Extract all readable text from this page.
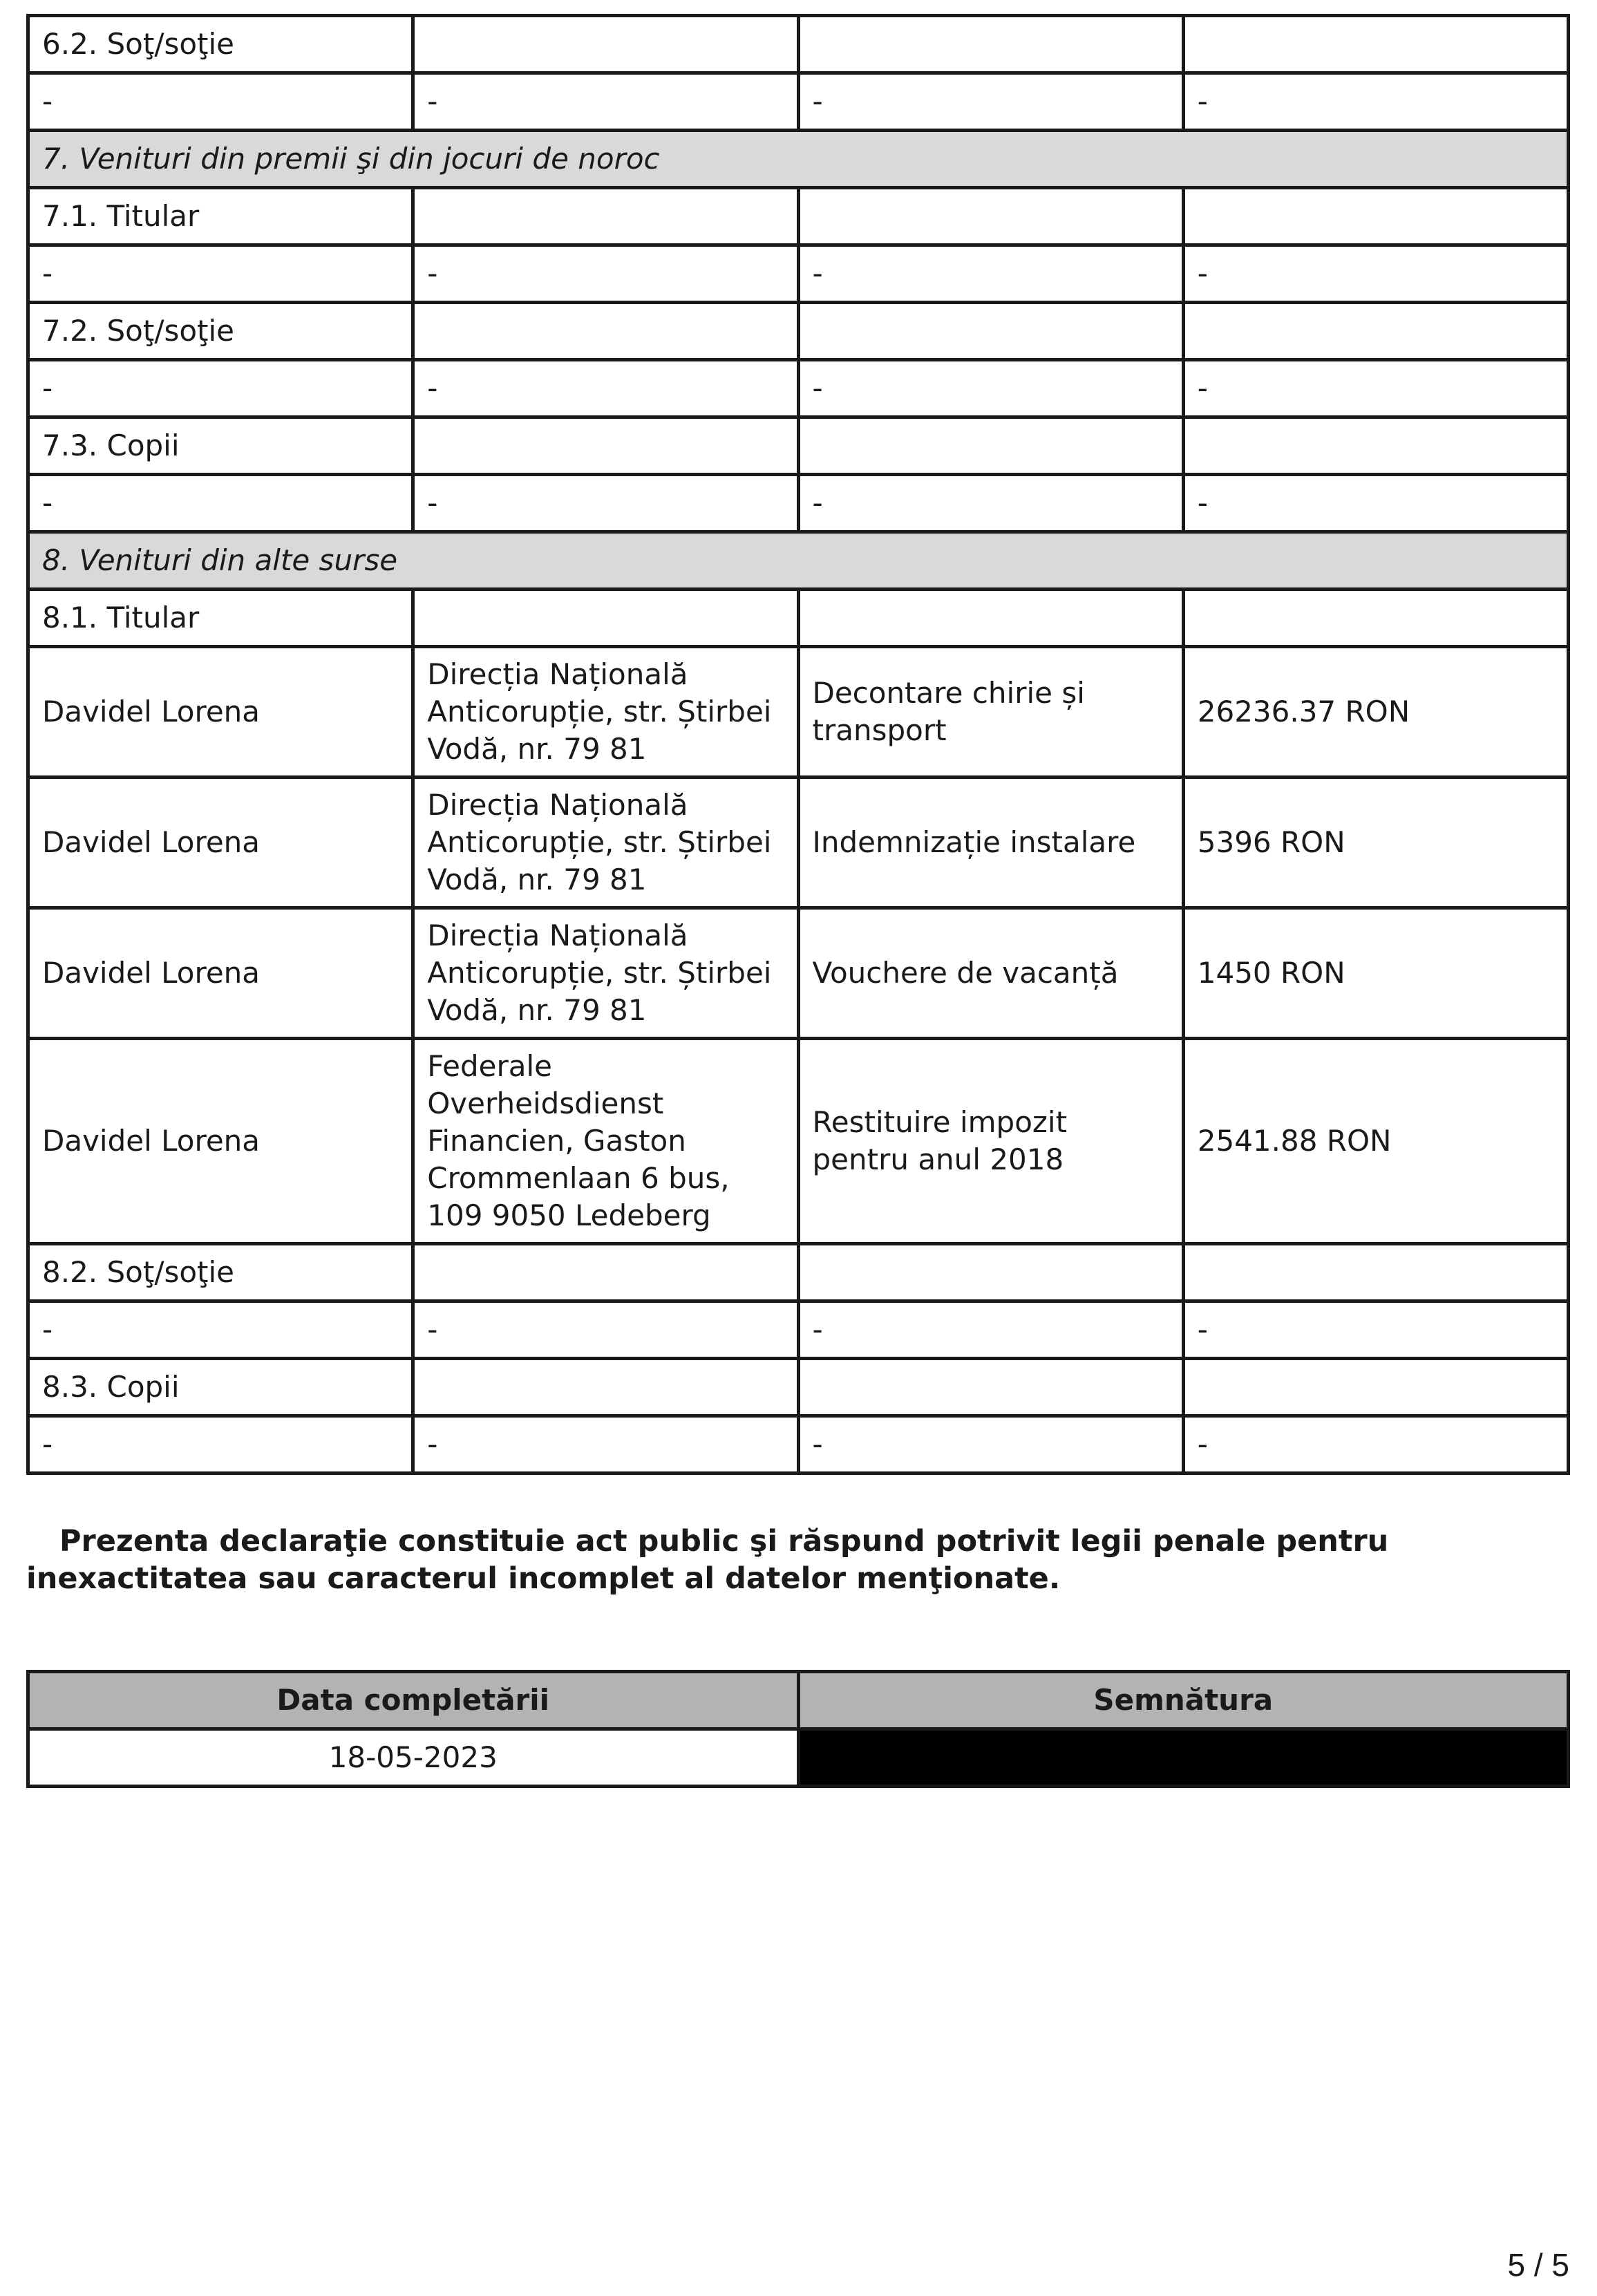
6.2. Soţ/soţie			
-	-	-	-
7. Venituri din premii şi din jocuri de noroc			
7.1. Titular			
-	-	-	-
7.2. Soţ/soţie			
-	-	-	-
7.3. Copii			
-	-	-	-
8. Venituri din alte surse			
8.1. Titular			
Davidel Lorena	Direcția Națională Anticorupție, str. Știrbei Vodă, nr. 79 81	Decontare chirie și transport	26236.37 RON
Davidel Lorena	Direcția Națională Anticorupție, str. Știrbei Vodă, nr. 79 81	Indemnizație instalare	5396 RON
Davidel Lorena	Direcția Națională Anticorupție, str. Știrbei Vodă, nr. 79 81	Vouchere de vacanță	1450 RON
Davidel Lorena	Federale Overheidsdienst Financien, Gaston Crommenlaan 6 bus, 109 9050 Ledeberg	Restituire impozit pentru anul 2018	2541.88 RON
8.2. Soţ/soţie			
-	-	-	-
8.3. Copii			
-	-	-	-
Prezenta declaraţie constituie act public şi răspund potrivit legii penale pentru inexactitatea sau caracterul incomplet al datelor menţionate.
Data completării	Semnătura
18-05-2023	
5 / 5
